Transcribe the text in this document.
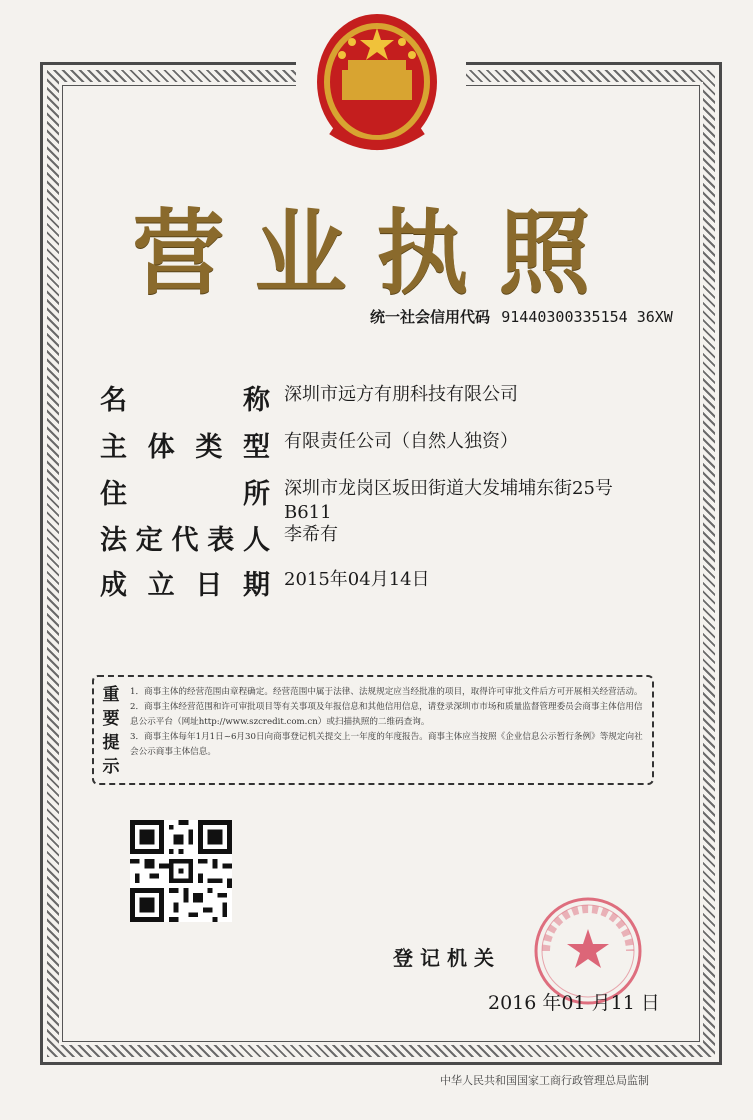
营业执照
统一社会信用代码 91440300335154 36XW
名称 深圳市远方有朋科技有限公司
主体类型 有限责任公司（自然人独资）
住所 深圳市龙岗区坂田街道大发埔埔东街25号
B611
法定代表人 李希有
成立日期 2015年04月14日
重
要
提
示
1．商事主体的经营范围由章程确定。经营范围中属于法律、法规规定应当经批准的项目，取得许可审批文件后方可开展相关经营活动。
2．商事主体经营范围和许可审批项目等有关事项及年报信息和其他信用信息，请登录深圳市市场和质量监督管理委员会商事主体信用信息公示平台（网址http://www.szcredit.com.cn）或扫描执照的二维码查询。
3．商事主体每年1月1日~6月30日向商事登记机关提交上一年度的年度报告。商事主体应当按照《企业信息公示暂行条例》等规定向社会公示商事主体信息。
登记机关
2016 年01 月11 日
中华人民共和国国家工商行政管理总局监制
